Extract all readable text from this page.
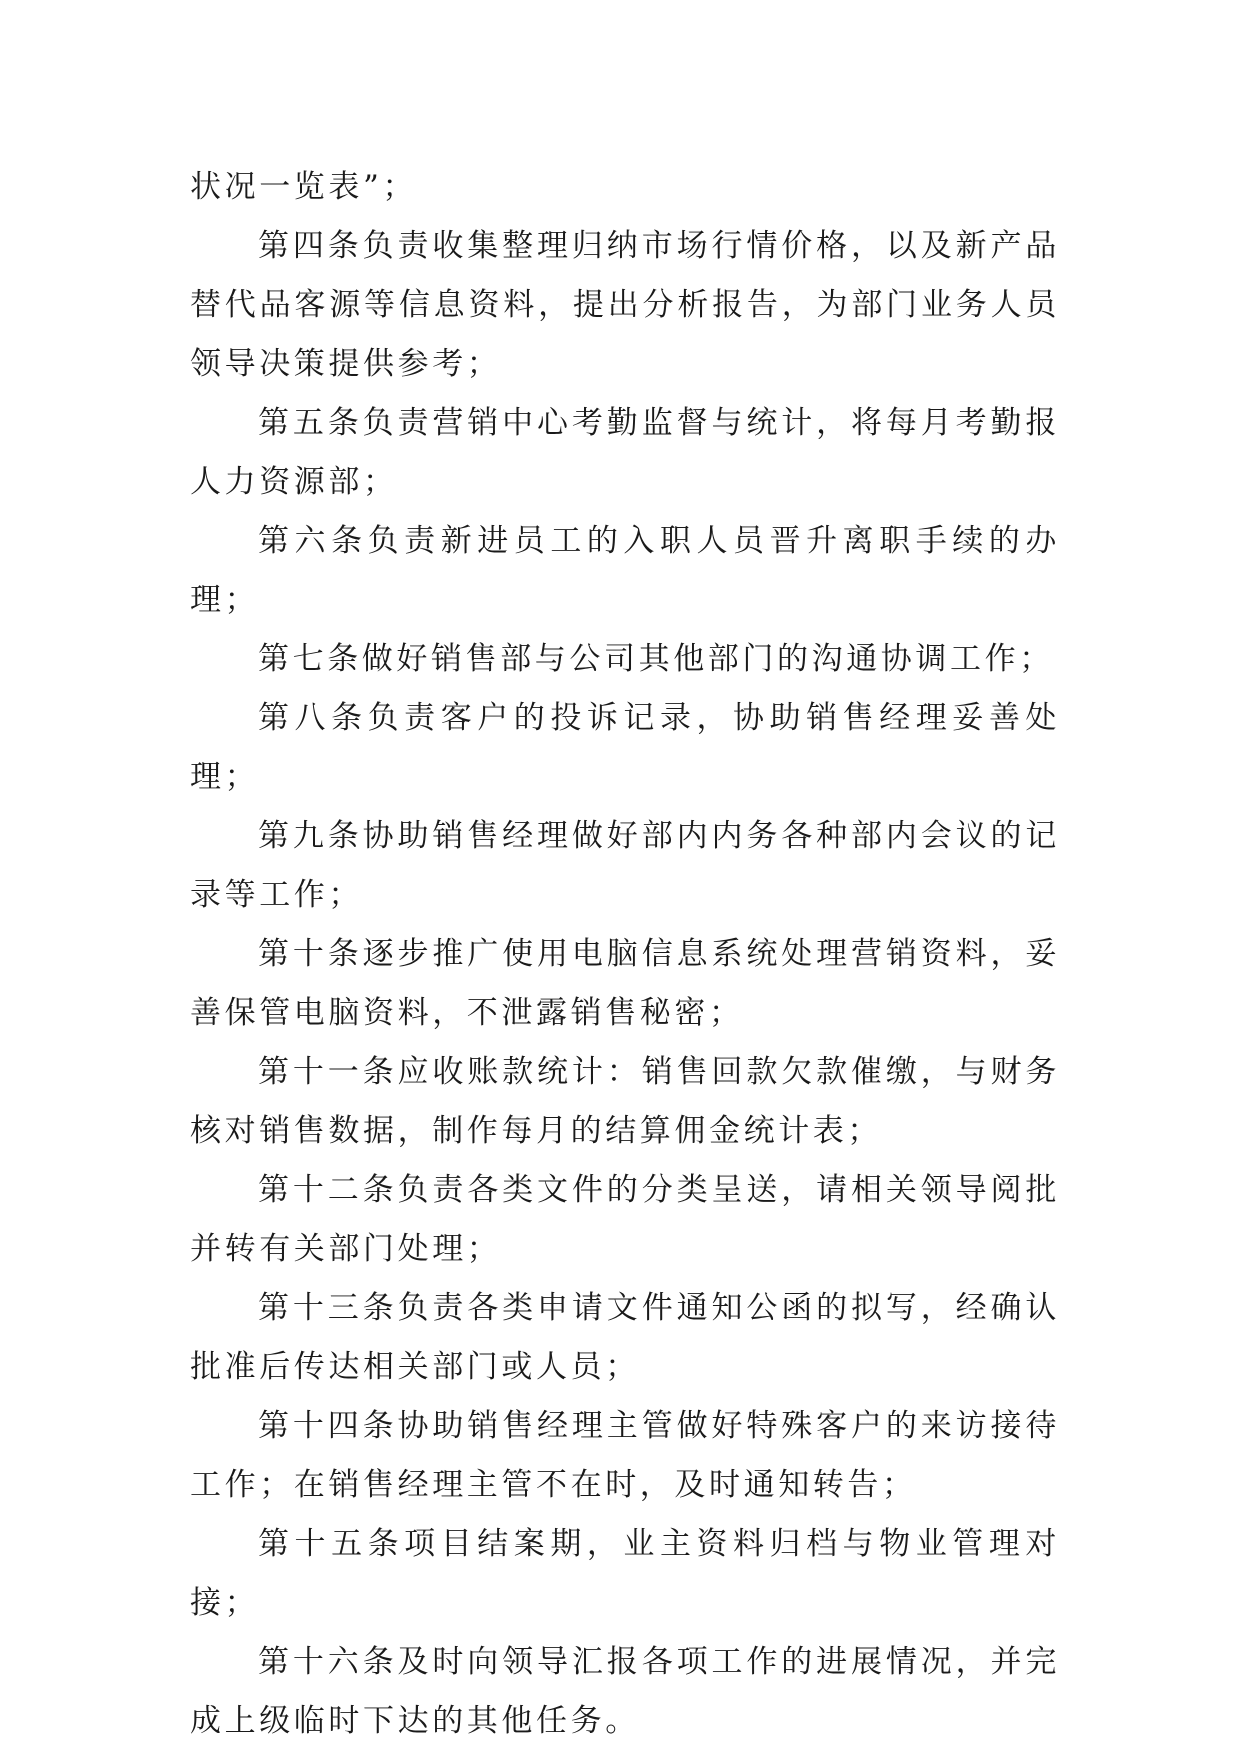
状况一览表”；

第四条负责收集整理归纳市场行情价格，以及新产品替代品客源等信息资料，提出分析报告，为部门业务人员领导决策提供参考；

第五条负责营销中心考勤监督与统计，将每月考勤报人力资源部；

第六条负责新进员工的入职人员晋升离职手续的办理；

第七条做好销售部与公司其他部门的沟通协调工作；

第八条负责客户的投诉记录，协助销售经理妥善处理；

第九条协助销售经理做好部内内务各种部内会议的记录等工作；

第十条逐步推广使用电脑信息系统处理营销资料，妥善保管电脑资料，不泄露销售秘密；

第十一条应收账款统计：销售回款欠款催缴，与财务核对销售数据，制作每月的结算佣金统计表；

第十二条负责各类文件的分类呈送，请相关领导阅批并转有关部门处理；

第十三条负责各类申请文件通知公函的拟写，经确认批准后传达相关部门或人员；

第十四条协助销售经理主管做好特殊客户的来访接待工作；在销售经理主管不在时，及时通知转告；

第十五条项目结案期，业主资料归档与物业管理对接；

第十六条及时向领导汇报各项工作的进展情况，并完成上级临时下达的其他任务。
